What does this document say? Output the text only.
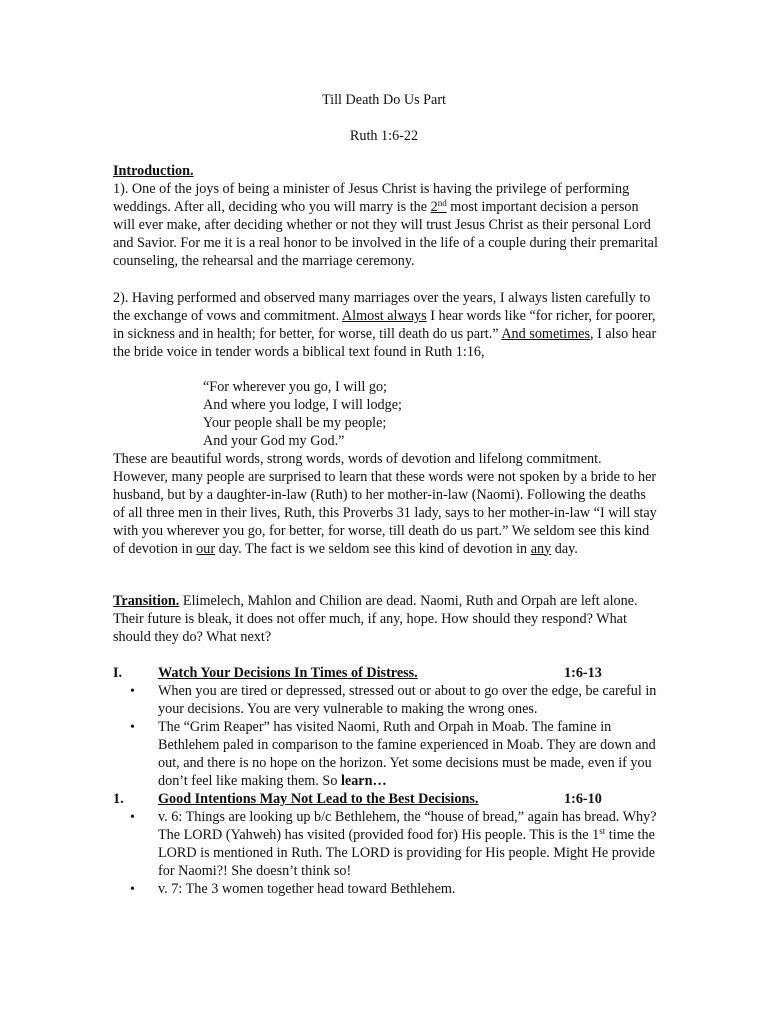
Till Death Do Us Part
Ruth 1:6-22
Introduction.
1). One of the joys of being a minister of Jesus Christ is having the privilege of performing weddings. After all, deciding who you will marry is the 2nd most important decision a person will ever make, after deciding whether or not they will trust Jesus Christ as their personal Lord and Savior. For me it is a real honor to be involved in the life of a couple during their premarital counseling, the rehearsal and the marriage ceremony.
2). Having performed and observed many marriages over the years, I always listen carefully to the exchange of vows and commitment. Almost always I hear words like “for richer, for poorer, in sickness and in health; for better, for worse, till death do us part.” And sometimes, I also hear the bride voice in tender words a biblical text found in Ruth 1:16,
“For wherever you go, I will go;
And where you lodge, I will lodge;
Your people shall be my people;
And your God my God.”
These are beautiful words, strong words, words of devotion and lifelong commitment. However, many people are surprised to learn that these words were not spoken by a bride to her husband, but by a daughter-in-law (Ruth) to her mother-in-law (Naomi). Following the deaths of all three men in their lives, Ruth, this Proverbs 31 lady, says to her mother-in-law “I will stay with you wherever you go, for better, for worse, till death do us part.” We seldom see this kind of devotion in our day. The fact is we seldom see this kind of devotion in any day.
Transition. Elimelech, Mahlon and Chilion are dead. Naomi, Ruth and Orpah are left alone. Their future is bleak, it does not offer much, if any, hope. How should they respond? What should they do? What next?
I.	Watch Your Decisions In Times of Distress.	1:6-13
• When you are tired or depressed, stressed out or about to go over the edge, be careful in your decisions. You are very vulnerable to making the wrong ones.
• The “Grim Reaper” has visited Naomi, Ruth and Orpah in Moab. The famine in Bethlehem paled in comparison to the famine experienced in Moab. They are down and out, and there is no hope on the horizon. Yet some decisions must be made, even if you don’t feel like making them. So learn…
1. Good Intentions May Not Lead to the Best Decisions.	1:6-10
• v. 6: Things are looking up b/c Bethlehem, the “house of bread,” again has bread. Why? The LORD (Yahweh) has visited (provided food for) His people. This is the 1st time the LORD is mentioned in Ruth. The LORD is providing for His people. Might He provide for Naomi?! She doesn’t think so!
• v. 7: The 3 women together head toward Bethlehem.
